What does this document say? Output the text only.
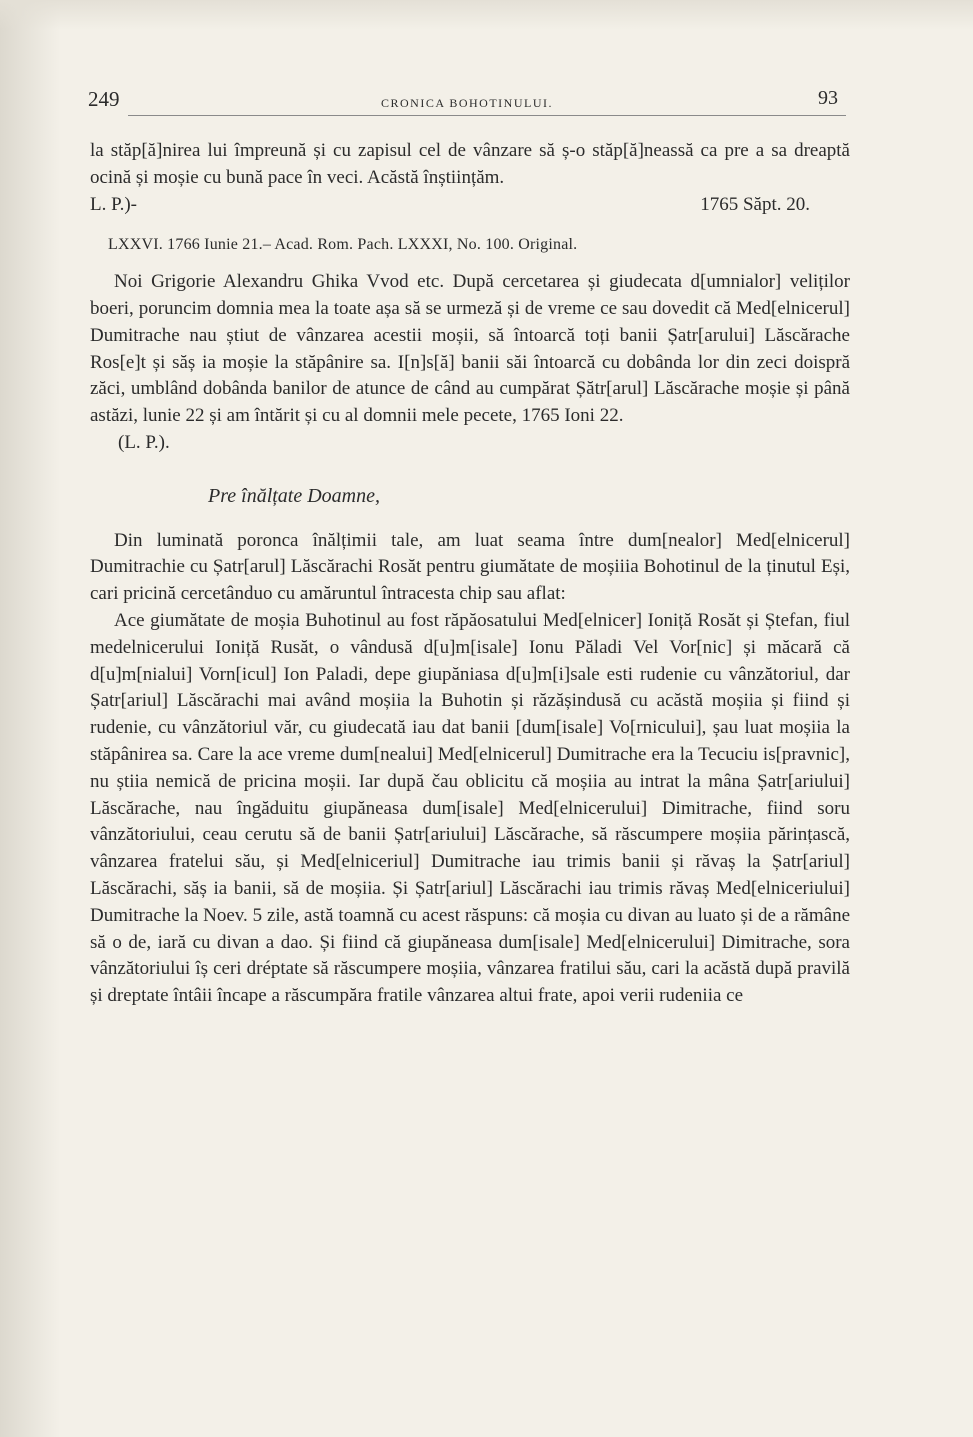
249	CRONICA BOHOTINULUI.	93

la stăp[ă]nirea lui împreună și cu zapisul cel de vânzare să ș-o stăp[ă]neassă ca pre a sa dreaptă ocină și moșie cu bună pace în veci. Acăstă înștiințăm.

L. P.)-	1765 Săpt. 20.
LXXVI. 1766 Iunie 21.– Acad. Rom. Pach. LXXXI, No. 100. Original.

Noi Grigorie Alexandru Ghika Vvod etc. După cercetarea și giudecata d[umnialor] veliților boeri, poruncim domnia mea la toate așa să se urmeză și de vreme ce sau dovedit că Med[elnicerul] Dumitrache nau știut de vânzarea acestii moșii, să întoarcă toți banii Șatr[arului] Lăscărache Ros[e]t și săș ia moșie la stăpânire sa. I[n]s[ă] banii săi întoarcă cu dobânda lor din zeci doispră zăci, umblând dobânda banilor de atunce de când au cumpărat Șătr[arul] Lăscărache moșie și până astăzi, lunie 22 și am întărit și cu al domnii mele pecete, 1765 Ioni 22.

(L. P.).
Pre înălțate Doamne,

Din luminată poronca înălțimii tale, am luat seama între dum[nealor] Med[elnicerul] Dumitrachie cu Șatr[arul] Lăscărachi Rosăt pentru giumătate de moșiiia Bohotinul de la ținutul Eși, cari pricină cercetânduo cu amăruntul întracesta chip sau aflat:

Ace giumătate de moșia Buhotinul au fost răpăosatului Med[elnicer] Ioniță Rosăt și Ștefan, fiul medelnicerului Ioniță Rusăt, o vândusă d[u]m[isale] Ionu Păladi Vel Vor[nic] și măcară că d[u]m[nialui] Vorn[icul] Ion Paladi, depe giupăniasa d[u]m[i]sale esti rudenie cu vânzătoriul, dar Șatr[ariul] Lăscărachi mai având moșiia la Buhotin și răzășindusă cu acăstă moșiia și fiind și rudenie, cu vânzătoriul văr, cu giudecată iau dat banii [dum[isale] Vo[rnicului], șau luat moșiia la stăpânirea sa. Care la ace vreme dum[nealui] Med[elnicerul] Dumitrache era la Tecuciu is[pravnic], nu știia nemică de pricina moșii. Iar după čau oblicitu că moșiia au intrat la mâna Șatr[ariului] Lăscărache, nau îngăduitu giupăneasa dum[isale] Med[elnicerului] Dimitrache, fiind soru vânzătoriului, ceau cerutu să de banii Șatr[ariului] Lăscărache, să răscumpere moșiia părințască, vânzarea fratelui său, și Med[elniceriul] Dumitrache iau trimis banii și răvaș la Șatr[ariul] Lăscărachi, săș ia banii, să de moșiia. Și Șatr[ariul] Lăscărachi iau trimis răvaș Med[elniceriului] Dumitrache la Noev. 5 zile, astă toamnă cu acest răspuns: că moșia cu divan au luato și de a rămâne să o de, iară cu divan a dao. Și fiind că giupăneasa dum[isale] Med[elnicerului] Dimitrache, sora vânzătoriului îș ceri dréptate să răscumpere moșiia, vânzarea fratilui său, cari la acăstă după pravilă și dreptate întâii încape a răscumpăra fratile vânzarea altui frate, apoi verii rudeniia ce
